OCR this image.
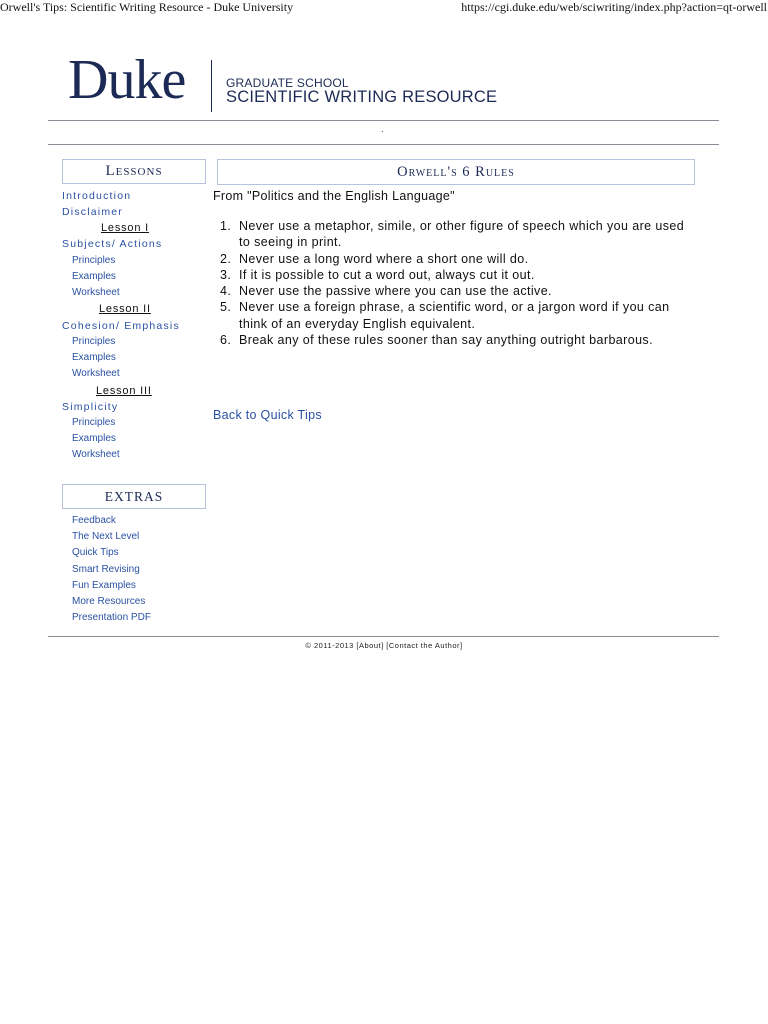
Orwell's Tips: Scientific Writing Resource - Duke University	https://cgi.duke.edu/web/sciwriting/index.php?action=qt-orwell
Duke	GRADUATE SCHOOL
SCIENTIFIC WRITING RESOURCE
.
Lessons
Introduction
Disclaimer
Lesson I
Subjects/ Actions
Principles
Examples
Worksheet
Lesson II
Cohesion/ Emphasis
Principles
Examples
Worksheet
Lesson III
Simplicity
Principles
Examples
Worksheet
EXTRAS
Feedback
The Next Level
Quick Tips
Smart Revising
Fun Examples
More Resources
Presentation PDF
Orwell's 6 Rules
From "Politics and the English Language"
1. Never use a metaphor, simile, or other figure of speech which you are used to seeing in print.
2. Never use a long word where a short one will do.
3. If it is possible to cut a word out, always cut it out.
4. Never use the passive where you can use the active.
5. Never use a foreign phrase, a scientific word, or a jargon word if you can think of an everyday English equivalent.
6. Break any of these rules sooner than say anything outright barbarous.
Back to Quick Tips
© 2011-2013 [About] [Contact the Author]
